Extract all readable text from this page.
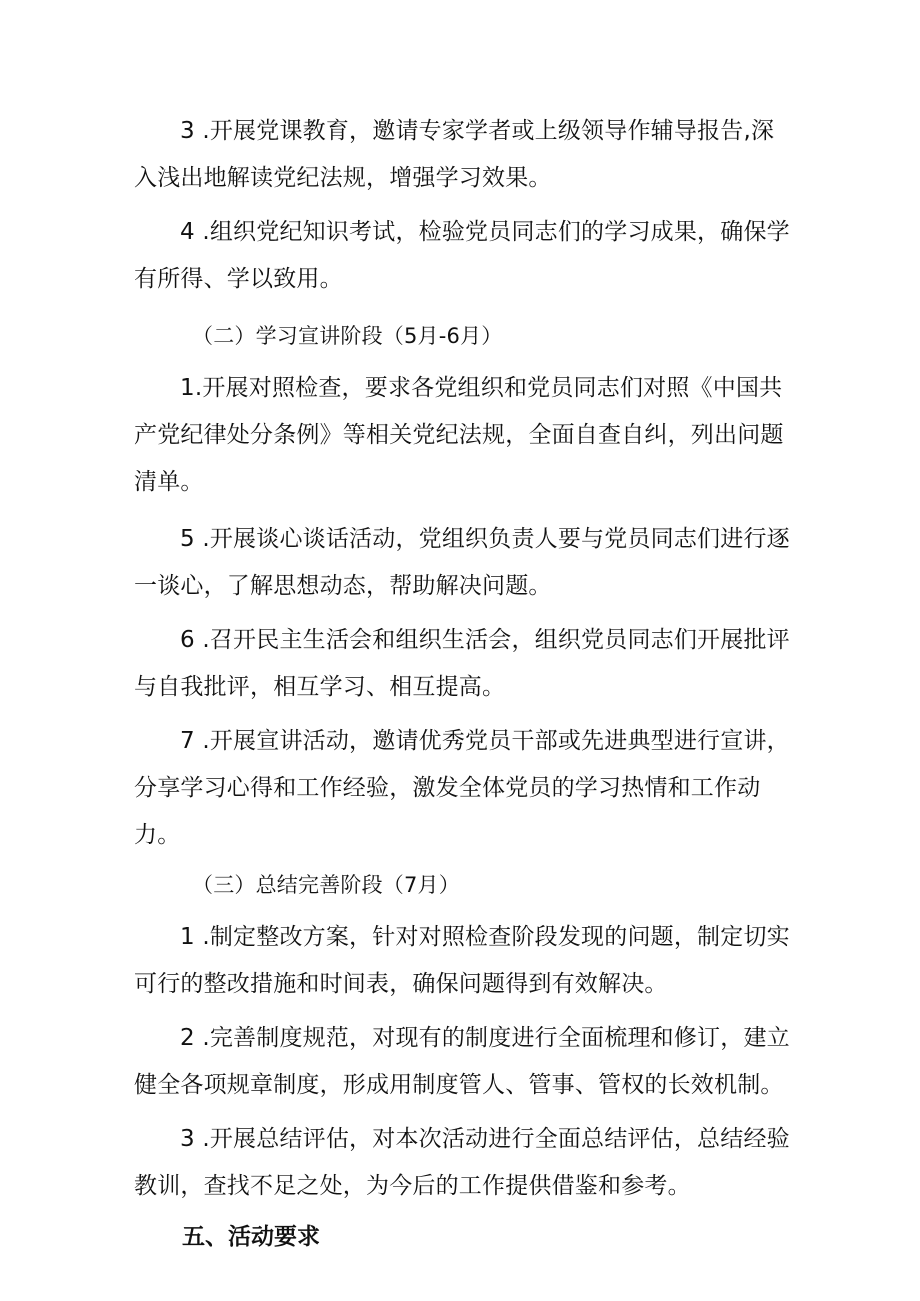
3 .开展党课教育，邀请专家学者或上级领导作辅导报告,深入浅出地解读党纪法规，增强学习效果。

4 .组织党纪知识考试，检验党员同志们的学习成果，确保学有所得、学以致用。

（二）学习宣讲阶段（5月-6月）

1.开展对照检查，要求各党组织和党员同志们对照《中国共产党纪律处分条例》等相关党纪法规，全面自查自纠，列出问题清单。

5 .开展谈心谈话活动，党组织负责人要与党员同志们进行逐一谈心，了解思想动态，帮助解决问题。

6 .召开民主生活会和组织生活会，组织党员同志们开展批评与自我批评，相互学习、相互提高。

7 .开展宣讲活动，邀请优秀党员干部或先进典型进行宣讲，分享学习心得和工作经验，激发全体党员的学习热情和工作动力。

（三）总结完善阶段（7月）

1 .制定整改方案，针对对照检查阶段发现的问题，制定切实可行的整改措施和时间表，确保问题得到有效解决。

2 .完善制度规范，对现有的制度进行全面梳理和修订，建立健全各项规章制度，形成用制度管人、管事、管权的长效机制。

3 .开展总结评估，对本次活动进行全面总结评估，总结经验教训，查找不足之处，为今后的工作提供借鉴和参考。

五、活动要求
